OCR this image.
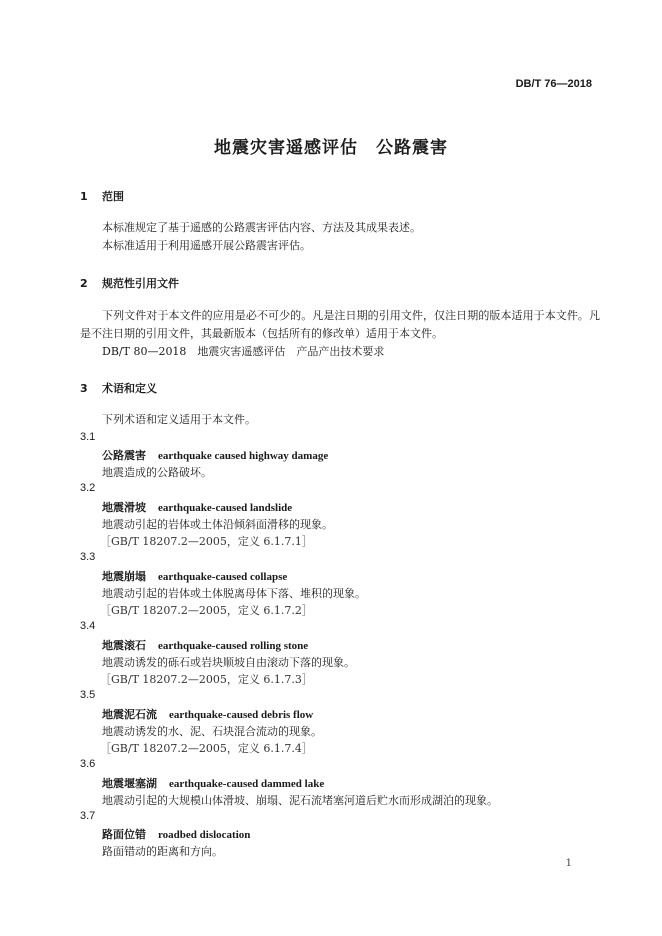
DB/T 76—2018
地震灾害遥感评估 公路震害
1 范围
本标准规定了基于遥感的公路震害评估内容、方法及其成果表述。
本标准适用于利用遥感开展公路震害评估。
2 规范性引用文件
下列文件对于本文件的应用是必不可少的。凡是注日期的引用文件，仅注日期的版本适用于本文件。凡是不注日期的引用文件，其最新版本（包括所有的修改单）适用于本文件。
DB/T 80—2018　地震灾害遥感评估　产品产出技术要求
3 术语和定义
下列术语和定义适用于本文件。
3.1
公路震害 earthquake caused highway damage
地震造成的公路破坏。
3.2
地震滑坡 earthquake-caused landslide
地震动引起的岩体或土体沿倾斜面滑移的现象。
［GB/T 18207.2—2005，定义 6.1.7.1］
3.3
地震崩塌 earthquake-caused collapse
地震动引起的岩体或土体脱离母体下落、堆积的现象。
［GB/T 18207.2—2005，定义 6.1.7.2］
3.4
地震滚石 earthquake-caused rolling stone
地震动诱发的砾石或岩块顺坡自由滚动下落的现象。
［GB/T 18207.2—2005，定义 6.1.7.3］
3.5
地震泥石流 earthquake-caused debris flow
地震动诱发的水、泥、石块混合流动的现象。
［GB/T 18207.2—2005，定义 6.1.7.4］
3.6
地震堰塞湖 earthquake-caused dammed lake
地震动引起的大规模山体滑坡、崩塌、泥石流堵塞河道后贮水而形成湖泊的现象。
3.7
路面位错 roadbed dislocation
路面错动的距离和方向。
1
